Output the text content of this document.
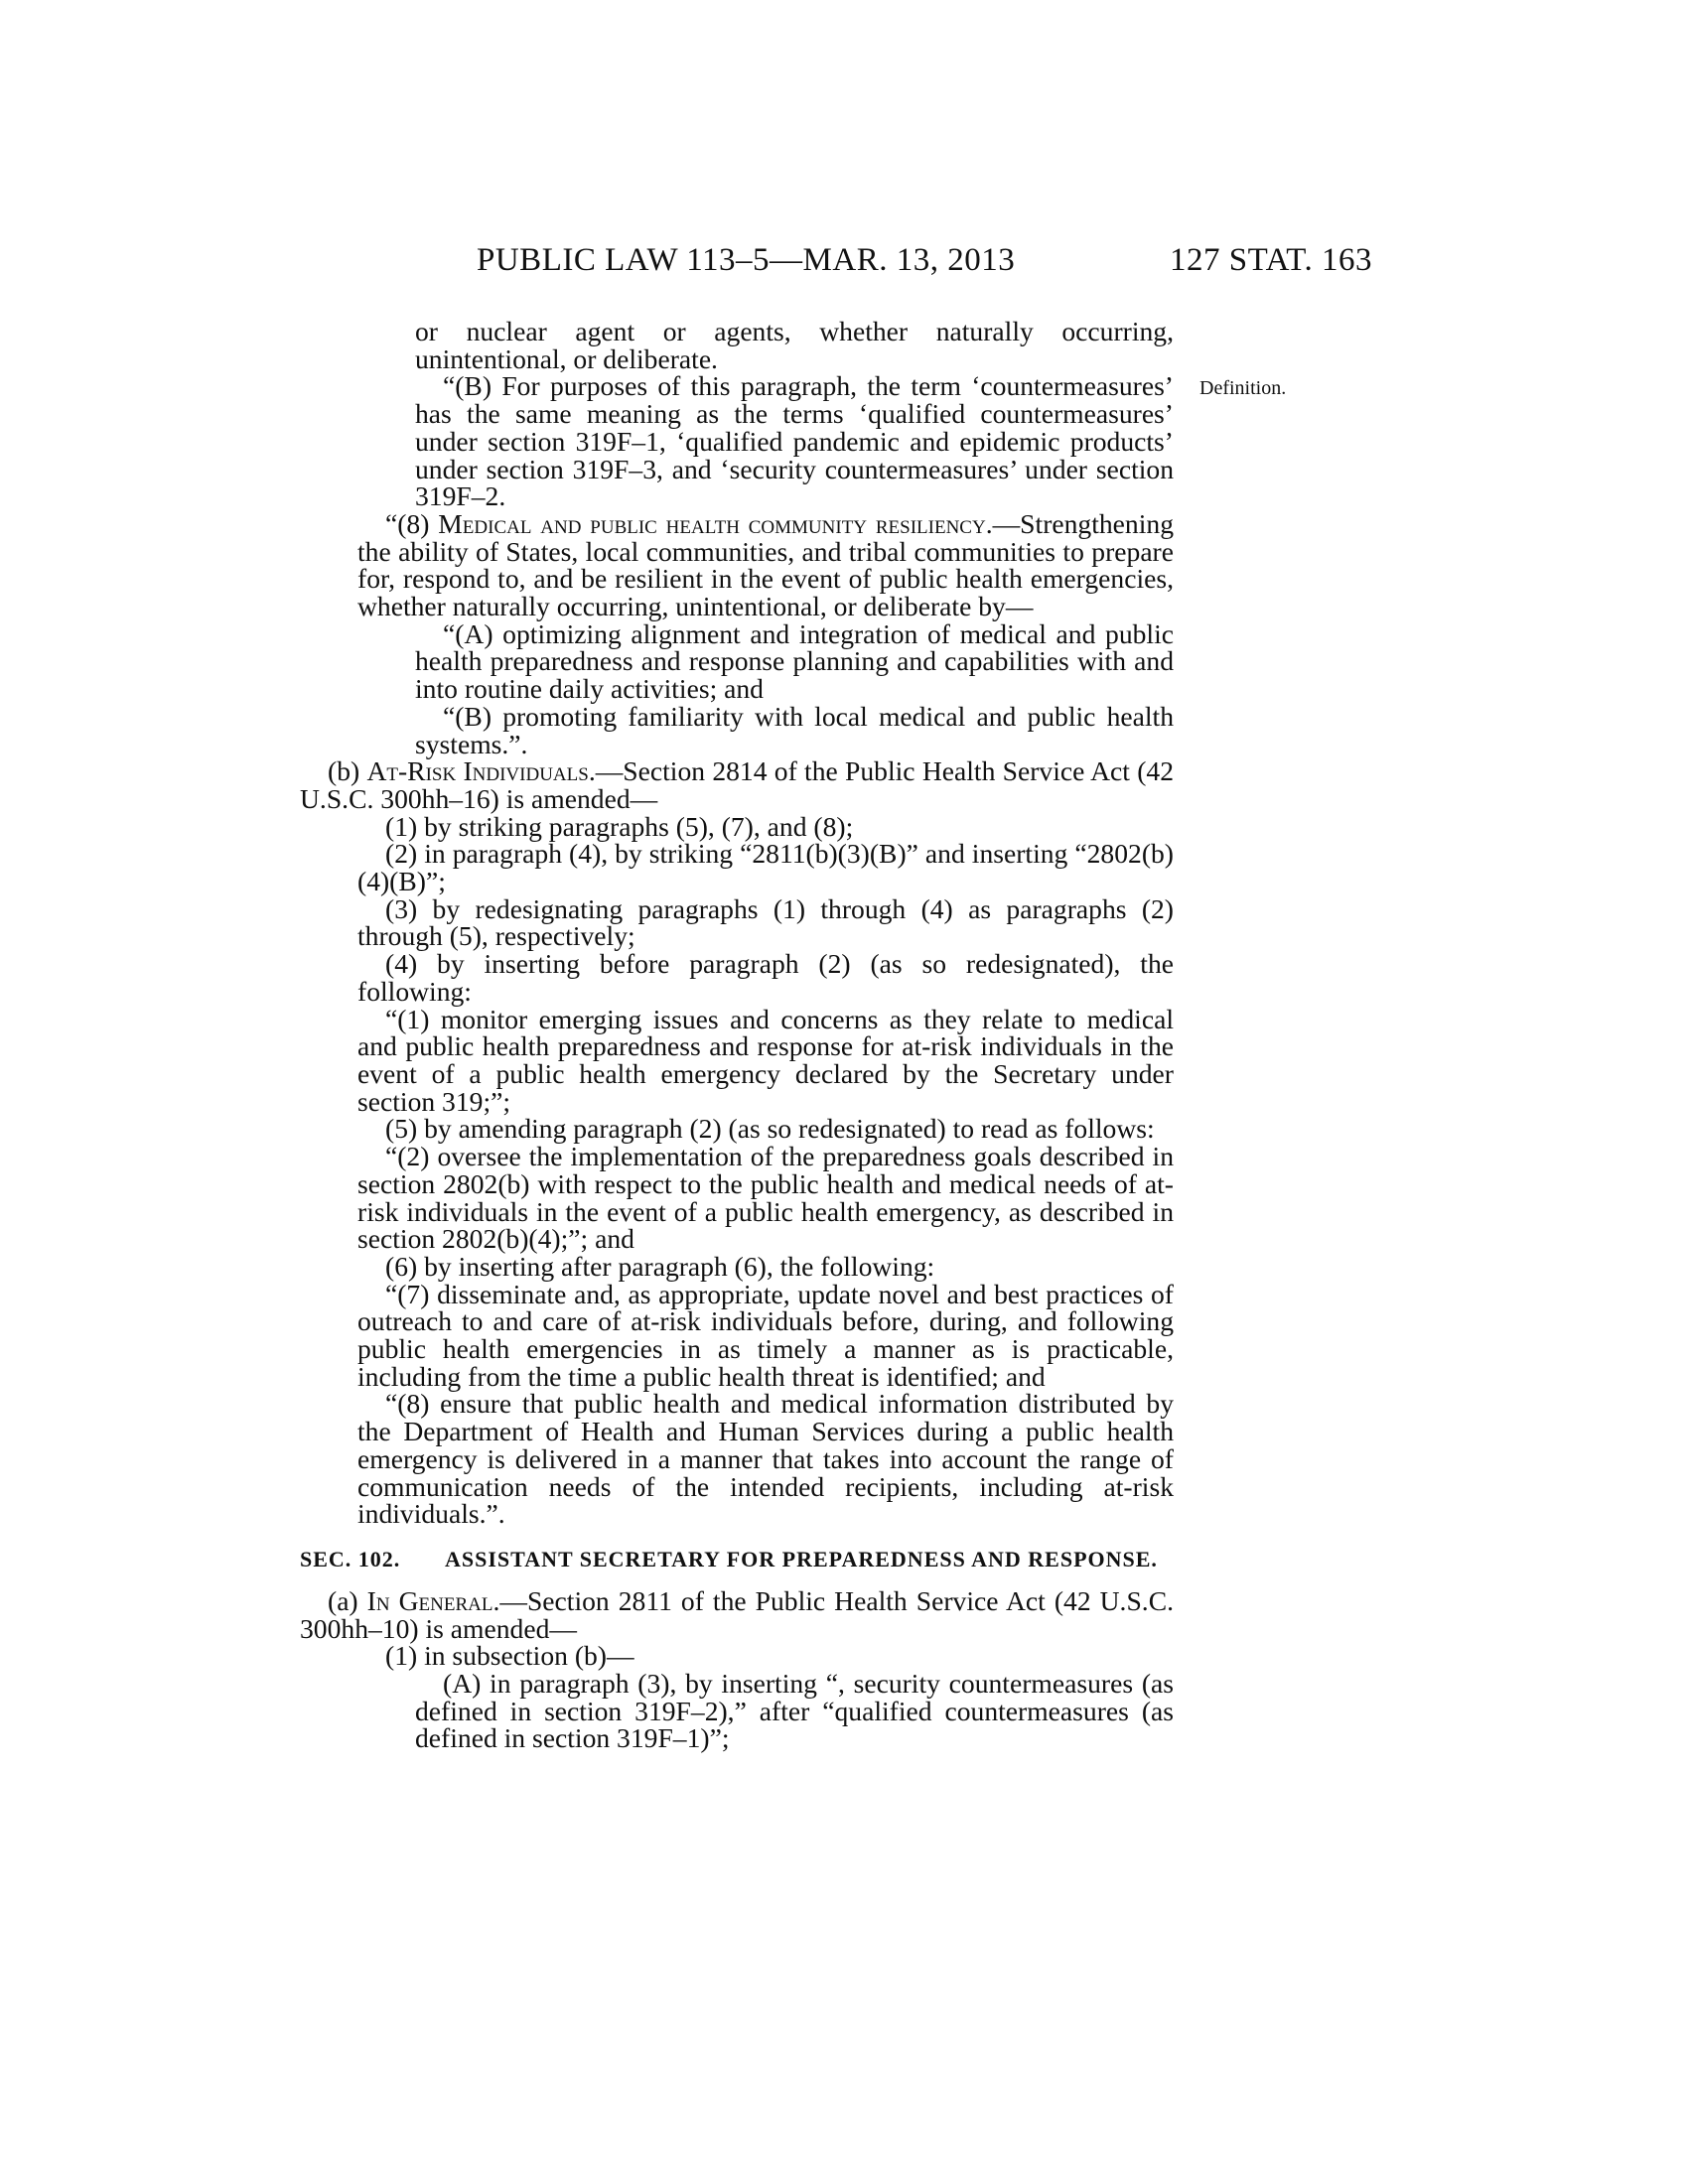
PUBLIC LAW 113–5—MAR. 13, 2013	127 STAT. 163
Definition.

or nuclear agent or agents, whether naturally occurring, unintentional, or deliberate.

“(B) For purposes of this paragraph, the term ‘countermeasures’ has the same meaning as the terms ‘qualified countermeasures’ under section 319F–1, ‘qualified pandemic and epidemic products’ under section 319F–3, and ‘security countermeasures’ under section 319F–2.

“(8) Medical and public health community resiliency.—Strengthening the ability of States, local communities, and tribal communities to prepare for, respond to, and be resilient in the event of public health emergencies, whether naturally occurring, unintentional, or deliberate by—

“(A) optimizing alignment and integration of medical and public health preparedness and response planning and capabilities with and into routine daily activities; and

“(B) promoting familiarity with local medical and public health systems.”.

(b) At-Risk Individuals.—Section 2814 of the Public Health Service Act (42 U.S.C. 300hh–16) is amended—

(1) by striking paragraphs (5), (7), and (8);

(2) in paragraph (4), by striking “2811(b)(3)(B)” and inserting “2802(b)(4)(B)”;

(3) by redesignating paragraphs (1) through (4) as paragraphs (2) through (5), respectively;

(4) by inserting before paragraph (2) (as so redesignated), the following:

“(1) monitor emerging issues and concerns as they relate to medical and public health preparedness and response for at-risk individuals in the event of a public health emergency declared by the Secretary under section 319;”;

(5) by amending paragraph (2) (as so redesignated) to read as follows:

“(2) oversee the implementation of the preparedness goals described in section 2802(b) with respect to the public health and medical needs of at-risk individuals in the event of a public health emergency, as described in section 2802(b)(4);”; and

(6) by inserting after paragraph (6), the following:

“(7) disseminate and, as appropriate, update novel and best practices of outreach to and care of at-risk individuals before, during, and following public health emergencies in as timely a manner as is practicable, including from the time a public health threat is identified; and

“(8) ensure that public health and medical information distributed by the Department of Health and Human Services during a public health emergency is delivered in a manner that takes into account the range of communication needs of the intended recipients, including at-risk individuals.”.

SEC. 102.	ASSISTANT SECRETARY FOR PREPAREDNESS AND RESPONSE.

(a) In General.—Section 2811 of the Public Health Service Act (42 U.S.C. 300hh–10) is amended—

(1) in subsection (b)—

(A) in paragraph (3), by inserting “, security countermeasures (as defined in section 319F–2),” after “qualified countermeasures (as defined in section 319F–1)”;
